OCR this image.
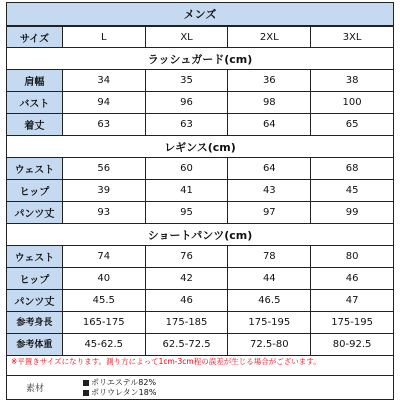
メンズ
サイズ	L	XL	2XL	3XL
ラッシュガード(cm)
肩幅	34	35	36	38
バスト	94	96	98	100
着丈	63	63	64	65
レギンス(cm)
ウェスト	56	60	64	68
ヒップ	39	41	43	45
パンツ丈	93	95	97	99
ショートパンツ(cm)
ウェスト	74	76	78	80
ヒップ	40	42	44	46
パンツ丈	45.5	46	46.5	47
参考身長	165-175	175-185	175-195	175-195
参考体重	45-62.5	62.5-72.5	72.5-80	80-92.5
※平置きサイズになります。測り方によって1cm-3cm程の誤差が生じる場合がございます。
素材
ポリエステル82%
ポリウレタン18%
